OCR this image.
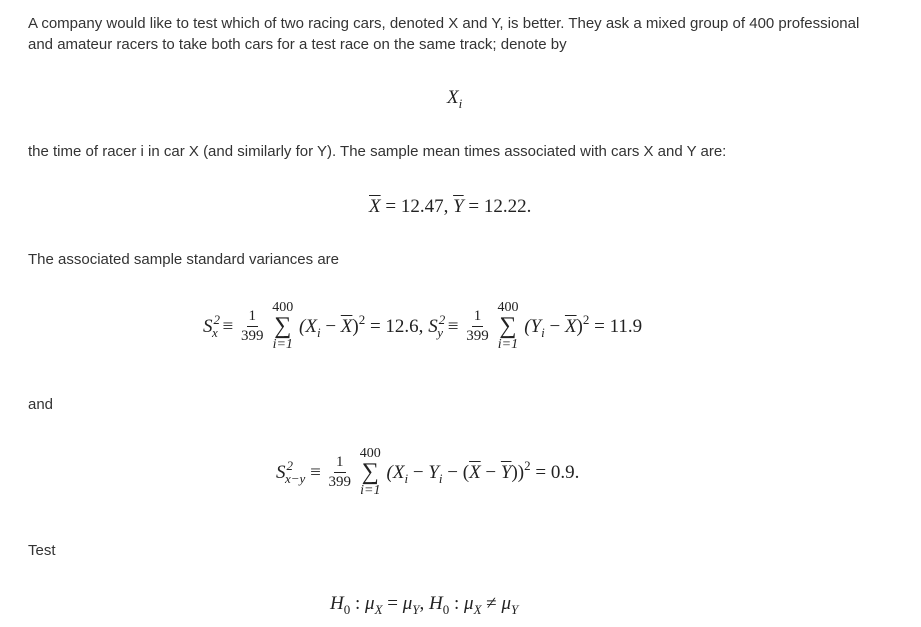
A company would like to test which of two racing cars, denoted X and Y, is better. They ask a mixed group of 400 professional and amateur racers to take both cars for a test race on the same track; denote by

$X_i$

the time of racer i in car X (and similarly for Y). The sample mean times associated with cars X and Y are:

$\overline{X} = 12.47$, $\overline{Y} = 12.22$.

The associated sample standard variances are

$S^2_x \equiv \frac{1}{399}$

400
∑
i=1
$(X_i - \overline{X})^2 = 12.6$, $S^2_y \equiv \frac{1}{399}$

400
∑
i=1
$(Y_i - \overline{X})^2 = 11.9$

and

$S^2_{x-y} \equiv \frac{1}{399}$

400
∑
i=1
$(X_i - Y_i - (\overline{X} - \overline{Y}))^2 = 0.9$.

Test

$H_0$ : $\mu_X = \mu_Y$, $H_0$ : $\mu_X \ne \mu_Y$
